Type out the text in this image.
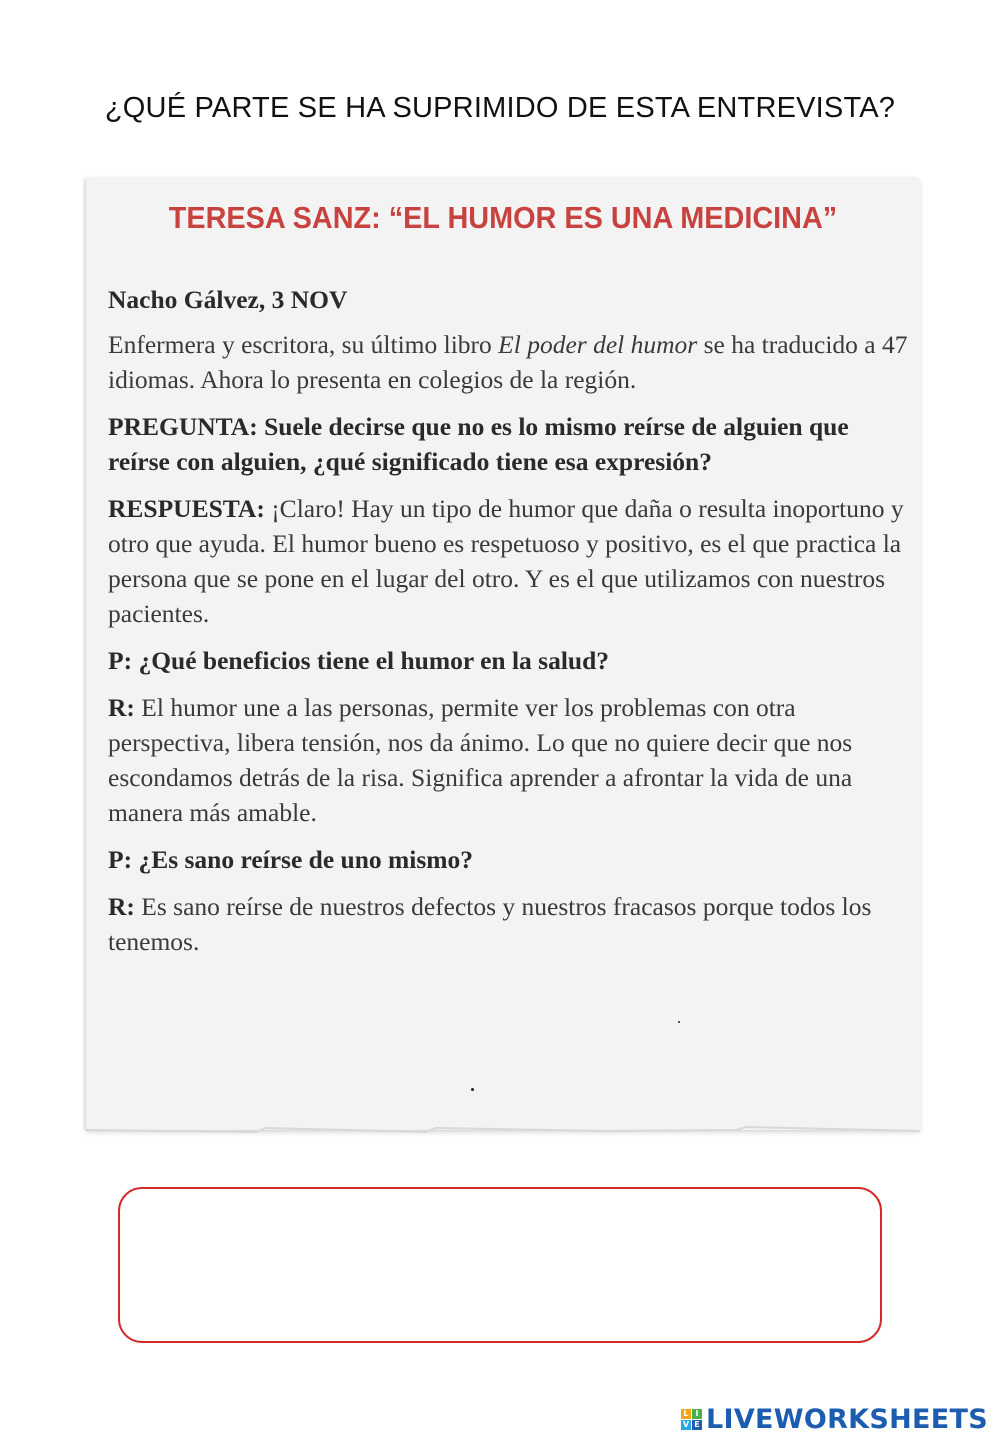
¿QUÉ PARTE SE HA SUPRIMIDO DE ESTA ENTREVISTA?
TERESA SANZ: “EL HUMOR ES UNA MEDICINA”

Nacho Gálvez, 3 NOV

Enfermera y escritora, su último libro El poder del humor se ha traducido a 47 idiomas. Ahora lo presenta en colegios de la región.

PREGUNTA: Suele decirse que no es lo mismo reírse de alguien que reírse con alguien, ¿qué significado tiene esa expresión?

RESPUESTA: ¡Claro! Hay un tipo de humor que daña o resulta inoportuno y otro que ayuda. El humor bueno es respetuoso y positivo, es el que practica la persona que se pone en el lugar del otro. Y es el que utilizamos con nuestros pacientes.

P: ¿Qué beneficios tiene el humor en la salud?

R: El humor une a las personas, permite ver los problemas con otra perspectiva, libera tensión, nos da ánimo. Lo que no quiere decir que nos escondamos detrás de la risa. Significa aprender a afrontar la vida de una manera más amable.

P: ¿Es sano reírse de uno mismo?

R: Es sano reírse de nuestros defectos y nuestros fracasos porque todos los tenemos.

L I
V E LIVEWORKSHEETS
